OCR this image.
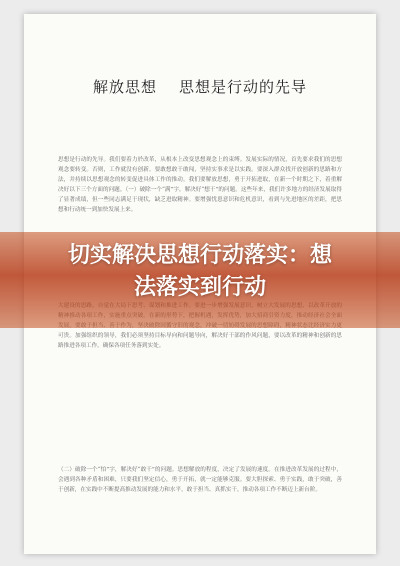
解放思想 思想是行动的先导

思想是行动的先导。我们要着力於改革，从根本上改变思想观念上的束缚。发展实际的情况，首先要求我们的思想观念要转变。否则，工作就没有创新。要敢想敢干敢闯，坚持实事求是以实践。要深入群众找开放创新的思路和方法，并持续以思想观念的转变促进具体工作的推动。我们要解放思想，勇于开拓进取，在新一个时期之下，着重解决好以下三个方面的问题。（一）破除一个“满”字，解决好“想干”的问题。这些年来，我们许多地方的经济发展取得了显著成绩，但一些同志满足于现状，缺乏进取精神。要增强忧患意识和危机意识，看到与先进地区的差距，把思想和行动统一到加快发展上来。

可贵。加强组织的领导，我们必须坚持目标导向和问题导向，解决好干部的作风问题，要以改革的精神和创新的思路推进各项工作，确保各项任务落到实处。

（二）破除一个“怕”字，解决好“敢干”的问题。思想解放的程度，决定了发展的速度。在推进改革发展的过程中，会遇到各种矛盾和困难，只要我们坚定信心，勇于开拓，就一定能够克服。要大胆探索、勇于实践，敢于突破，善于创新，在实践中不断提高推动发展的能力和水平，敢于担当、真抓实干，推动各项工作不断迈上新台阶。

切实解决思想行动落实：想
法落实到行动
